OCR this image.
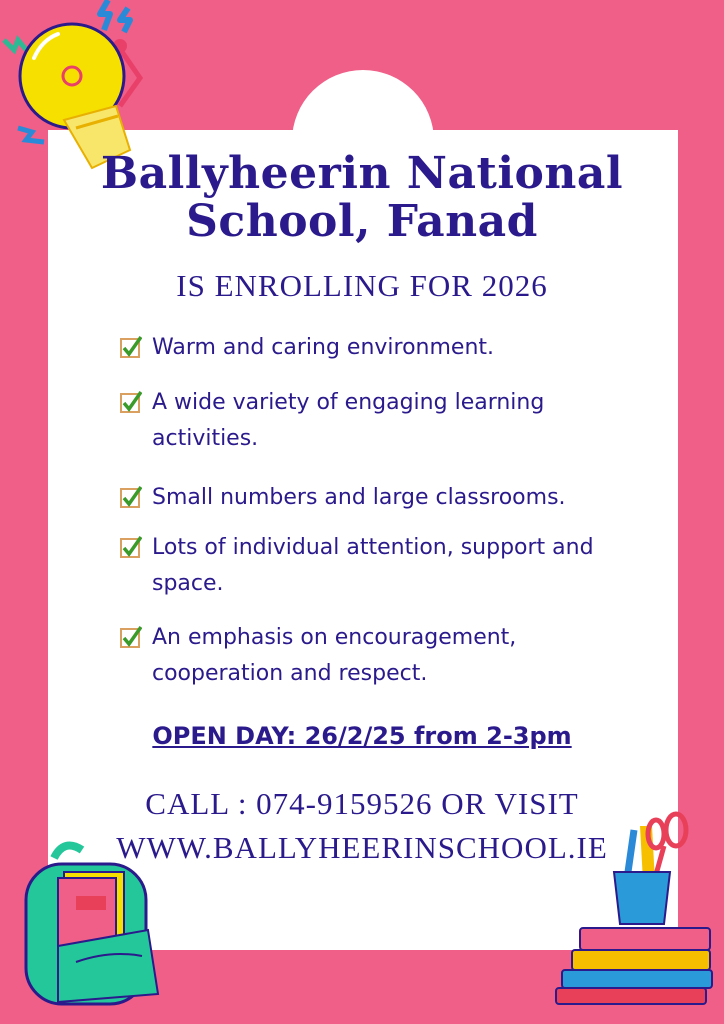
Ballyheerin National
School, Fanad
IS ENROLLING FOR 2026
Warm and caring environment.
A wide variety of engaging learning
activities.
Small numbers and large classrooms.
Lots of individual attention, support and
space.
An emphasis on encouragement,
cooperation and respect.
OPEN DAY: 26/2/25 from 2-3pm
CALL : 074-9159526 OR VISIT
WWW.BALLYHEERINSCHOOL.IE
